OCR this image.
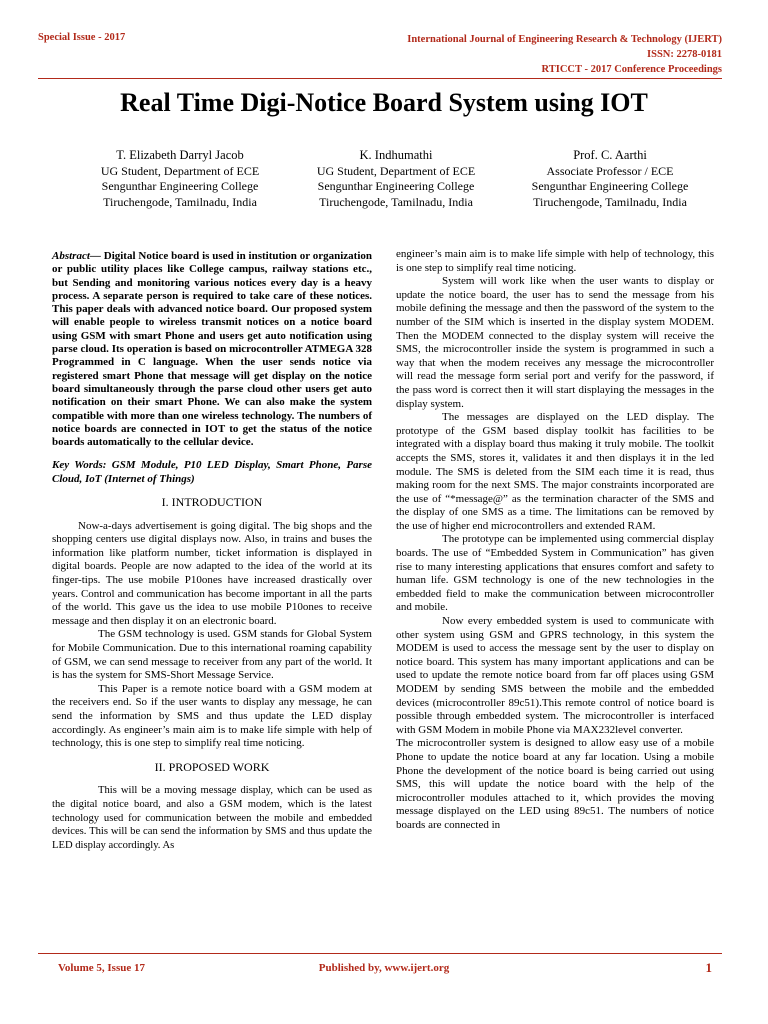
Special Issue - 2017	International Journal of Engineering Research & Technology (IJERT)
ISSN: 2278-0181
RTICCT - 2017 Conference Proceedings
Real Time Digi-Notice Board System using IOT
T. Elizabeth Darryl Jacob
UG Student, Department of ECE
Sengunthar Engineering College
Tiruchengode, Tamilnadu, India
K. Indhumathi
UG Student, Department of ECE
Sengunthar Engineering College
Tiruchengode, Tamilnadu, India
Prof. C. Aarthi
Associate Professor / ECE
Sengunthar Engineering College
Tiruchengode, Tamilnadu, India

Abstract— Digital Notice board is used in institution or organization or public utility places like College campus, railway stations etc., but Sending and monitoring various notices every day is a heavy process. A separate person is required to take care of these notices. This paper deals with advanced notice board. Our proposed system will enable people to wireless transmit notices on a notice board using GSM with smart Phone and users get auto notification using parse cloud. Its operation is based on microcontroller ATMEGA 328 Programmed in C language. When the user sends notice via registered smart Phone that message will get display on the notice board simultaneously through the parse cloud other users get auto notification on their smart Phone. We can also make the system compatible with more than one wireless technology. The numbers of notice boards are connected in IOT to get the status of the notice boards automatically to the cellular device.

Key Words: GSM Module, P10 LED Display, Smart Phone, Parse Cloud, IoT (Internet of Things)

I. INTRODUCTION

Now-a-days advertisement is going digital. The big shops and the shopping centers use digital displays now. Also, in trains and buses the information like platform number, ticket information is displayed in digital boards. People are now adapted to the idea of the world at its finger-tips. The use mobile P10ones have increased drastically over years. Control and communication has become important in all the parts of the world. This gave us the idea to use mobile P10ones to receive message and then display it on an electronic board.

The GSM technology is used. GSM stands for Global System for Mobile Communication. Due to this international roaming capability of GSM, we can send message to receiver from any part of the world. It is has the system for SMS-Short Message Service.

This Paper is a remote notice board with a GSM modem at the receivers end. So if the user wants to display any message, he can send the information by SMS and thus update the LED display accordingly. As engineer’s main aim is to make life simple with help of technology, this is one step to simplify real time noticing.

II. PROPOSED WORK

This will be a moving message display, which can be used as the digital notice board, and also a GSM modem, which is the latest technology used for communication between the mobile and embedded devices. This will be can send the information by SMS and thus update the LED display accordingly. As

engineer’s main aim is to make life simple with help of technology, this is one step to simplify real time noticing.

System will work like when the user wants to display or update the notice board, the user has to send the message from his mobile defining the message and then the password of the system to the number of the SIM which is inserted in the display system MODEM. Then the MODEM connected to the display system will receive the SMS, the microcontroller inside the system is programmed in such a way that when the modem receives any message the microcontroller will read the message form serial port and verify for the password, if the pass word is correct then it will start displaying the messages in the display system.

The messages are displayed on the LED display. The prototype of the GSM based display toolkit has facilities to be integrated with a display board thus making it truly mobile. The toolkit accepts the SMS, stores it, validates it and then displays it in the led module. The SMS is deleted from the SIM each time it is read, thus making room for the next SMS. The major constraints incorporated are the use of “*message@” as the termination character of the SMS and the display of one SMS as a time. The limitations can be removed by the use of higher end microcontrollers and extended RAM.

The prototype can be implemented using commercial display boards. The use of “Embedded System in Communication” has given rise to many interesting applications that ensures comfort and safety to human life. GSM technology is one of the new technologies in the embedded field to make the communication between microcontroller and mobile.

Now every embedded system is used to communicate with other system using GSM and GPRS technology, in this system the MODEM is used to access the message sent by the user to display on notice board. This system has many important applications and can be used to update the remote notice board from far off places using GSM MODEM by sending SMS between the mobile and the embedded devices (microcontroller 89c51).This remote control of notice board is possible through embedded system. The microcontroller is interfaced with GSM Modem in mobile Phone via MAX232level converter.

The microcontroller system is designed to allow easy use of a mobile Phone to update the notice board at any far location. Using a mobile Phone the development of the notice board is being carried out using SMS, this will update the notice board with the help of the microcontroller modules attached to it, which provides the moving message displayed on the LED using 89c51. The numbers of notice boards are connected in

Volume 5, Issue 17	Published by, www.ijert.org	1
